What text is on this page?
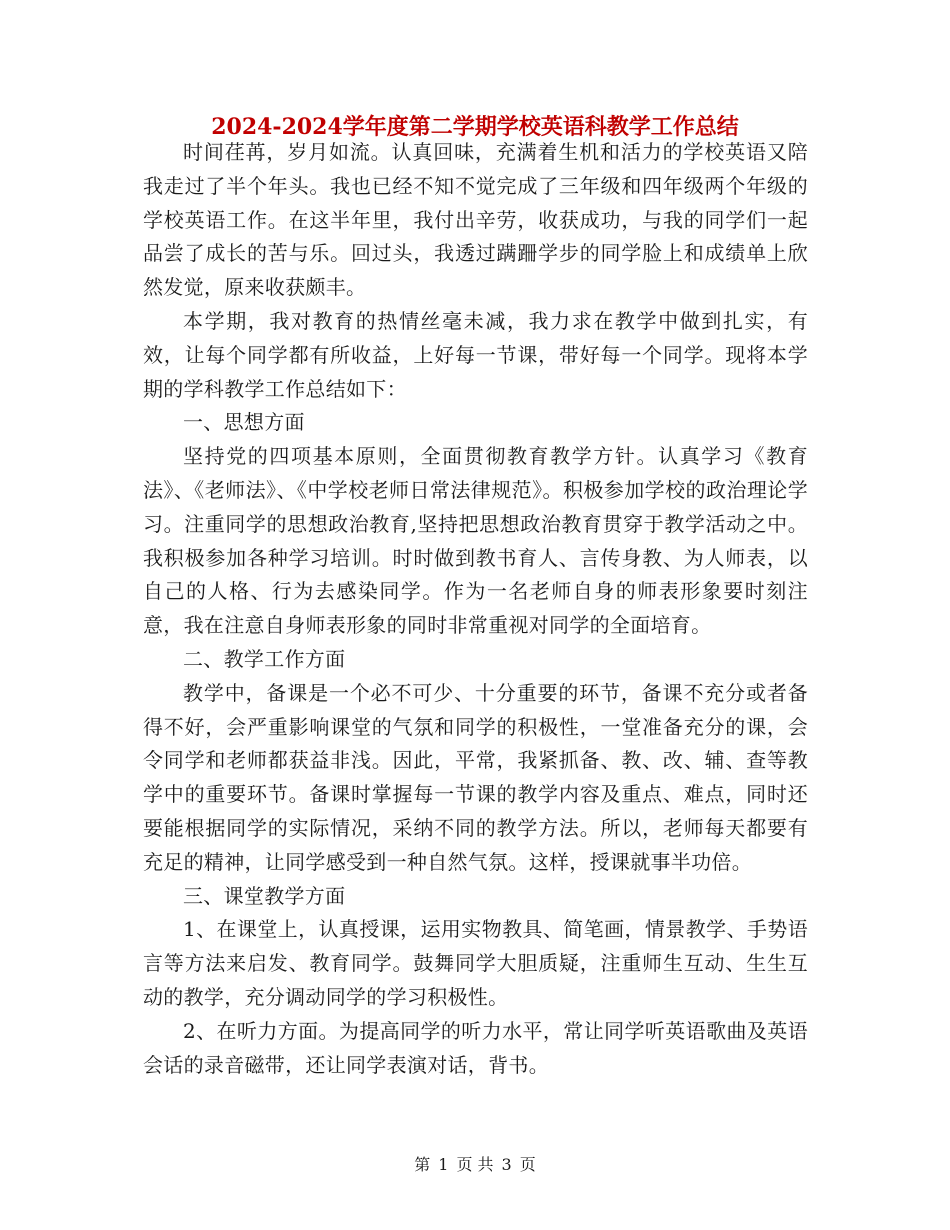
2024-2024学年度第二学期学校英语科教学工作总结

时间荏苒，岁月如流。认真回味，充满着生机和活力的学校英语又陪我走过了半个年头。我也已经不知不觉完成了三年级和四年级两个年级的学校英语工作。在这半年里，我付出辛劳，收获成功，与我的同学们一起品尝了成长的苦与乐。回过头，我透过蹒跚学步的同学脸上和成绩单上欣然发觉，原来收获颇丰。

本学期，我对教育的热情丝毫未减，我力求在教学中做到扎实，有效，让每个同学都有所收益，上好每一节课，带好每一个同学。现将本学期的学科教学工作总结如下：

一、思想方面

坚持党的四项基本原则，全面贯彻教育教学方针。认真学习《教育法》、《老师法》、《中学校老师日常法律规范》。积极参加学校的政治理论学习。注重同学的思想政治教育,坚持把思想政治教育贯穿于教学活动之中。我积极参加各种学习培训。时时做到教书育人、言传身教、为人师表，以自己的人格、行为去感染同学。作为一名老师自身的师表形象要时刻注意，我在注意自身师表形象的同时非常重视对同学的全面培育。

二、教学工作方面

教学中，备课是一个必不可少、十分重要的环节，备课不充分或者备得不好，会严重影响课堂的气氛和同学的积极性，一堂准备充分的课，会令同学和老师都获益非浅。因此，平常，我紧抓备、教、改、辅、查等教学中的重要环节。备课时掌握每一节课的教学内容及重点、难点，同时还要能根据同学的实际情况，采纳不同的教学方法。所以，老师每天都要有充足的精神，让同学感受到一种自然气氛。这样，授课就事半功倍。

三、课堂教学方面

1、在课堂上，认真授课，运用实物教具、简笔画，情景教学、手势语言等方法来启发、教育同学。鼓舞同学大胆质疑，注重师生互动、生生互动的教学，充分调动同学的学习积极性。

2、在听力方面。为提高同学的听力水平，常让同学听英语歌曲及英语会话的录音磁带，还让同学表演对话，背书。

第 1 页 共 3 页
